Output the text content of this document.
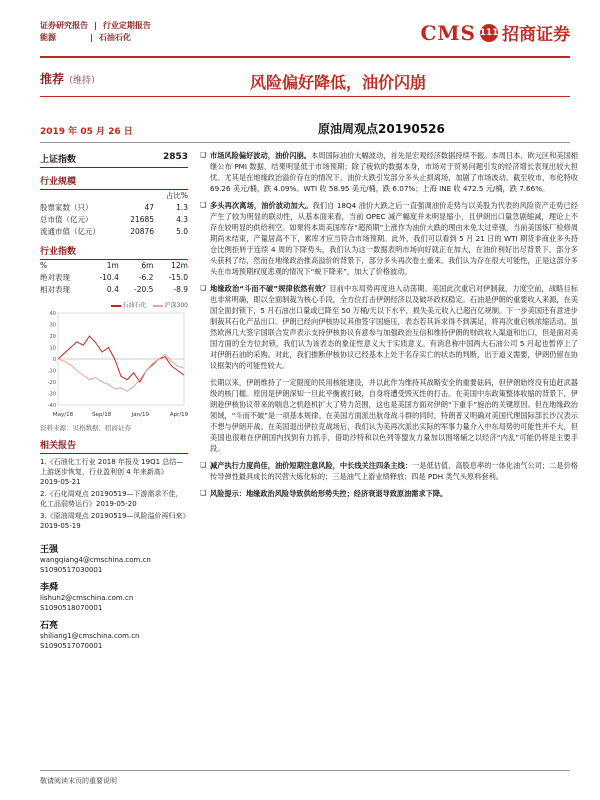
证券研究报告 | 行业定期报告
能源	| 石油石化	CMS 111 招商证券
推荐（维持）	风险偏好降低，油价闪崩
2019 年 05 月 26 日	原油周观点20190526
上证指数	2853
行业规模
		占比%
股票家数（只）	47	1.3
总市值（亿元）	21685	4.3
流通市值（亿元）	20876	5.0
行业指数
%	1m	6m	12m
绝对表现	-10.4	-6.2	-15.0
相对表现	0.4	-20.5	-8.9
石油石化	沪深300
40
30
20
10
0
-10
-20
-30
-40
May/18	Sep/18	Jan/19	Apr/19
资料来源：贝格数据、招商证券
相关报告

1.《石油化工行业 2018 年报及 19Q1 总结—上游逐步恢复，行业盈利创 4 年来新高》2019-05-21

2.《石化周观点 20190519—下游需求不佳，化工品弱势运行》2019-05-20

3.《原油周观点 20190519—风险溢价再归来》2019-05-19

王强
wangqiang4@cmschina.com.cn
S1090517030001
李舜
lishun2@cmschina.com.cn
S1090518070001
石亮
shiliang1@cmschina.com.cn
S1090517070001
❑ 市场风险偏好波动，油价闪崩。本周国际油价大幅波动，首先是宏观经济数据持续不振。本周日本、欧元区和美国相继公布 PMI 数据，结果明显低于市场预期；除了疲软的数据本身，市场对于贸易问题引发的经济增长表现出较大担忧。尤其是在地缘政治溢价存在的情况下，油价大跌引发部分多头止损离场，加剧了市场波动。截至收市，布伦特收 69.26 美元/桶，跌 4.09%。WTI 收 58.95 美元/桶，跌 6.07%；上海 INE 收 472.5 元/桶，跌 7.66%。
❑ 多头再次离场，油价波动加大。我们自 18Q4 油价大跌之后一直强调油价走势与以美股为代表的风险资产走势已经产生了较为明显的联动性，从基本面来看，当前 OPEC 减产幅度并未明显缩小，且伊朗出口量急剧缩减，理论上不存在较明显的供给利空。如果将本周美国库存“超预期”上涨作为油价大跌的理由未免太过牵强，当前美国炼厂检修周期尚未结束，产量居高不下，累库才应当符合市场预期。此外，我们可以看到 5 月 21 日的 WTI 期货非商业多头持仓比例拒转于连续 4 周的下降势头，我们认为这一数据表明市场向好就正在加大，在油价利好出尽背景下，部分多头获利了结，然而在地缘政治推高溢价的背景下，部分多头再次卷土重来。我们认为存在很大可能性，正是这部分多头在市场预期权度悲观的情况下“蜕下降来”，加大了价格波动。
❑ 地缘政治“斗而不破”规律依然有效？目前中东局势再度进入动荡期。美国此次重启对伊制裁，力度空前，战略目标也非常明确，即以全面制裁为核心手段，全方位打击伊朗经济以及破坏政权稳定。石油是伊朗的重要收入来源，在美国全面封锁下，5 月石油出口量或已降至 50 万桶/天以下水平，损失美元收入已超百亿规制。下一步美国还有意进步制裁其石化产品出口。伊朗已经向伊核协议其他签字国施压，表态若其诉求得不到满足，将再次重启核浓缩活动。虽然欧洲几大签字国联合发声表示支持伊核协议有意参与加强政治互信和维持伊朗的财政收入渠道和出口，但是面对美国方面的全方位封锁，我们认为该表态的象征性意义大于实质意义。有消息称中国两大石油公司 5 月起也暂停上了对伊朗石油的采购。对此，我们推断伊核协议已经基本上处于名存实亡的状态的判断，出于道义需要，伊朗仍留在协议框架内的可能性较大。
长期以来，伊朗维持了一定限度的民用核能建设，并以此作为维持其战略安全的重要砝码，但伊朗始终没有追赶武器级的核门槛。原因是伊朗深知一旦此平衡被打破，自身将遭受毁灭性的打击。在美国中东政策整体收缩的背景下，伊朗趁伊核协议带来的喘息之机趁机扩大了势力范围，这也是美国方面对伊朗“下重手”施治的关键原因。但在地缘政治领域，“斗而不破”是一项基本规律。在美国方面派出航母战斗群的同时，特朗普又明确对美国代理国际部长沙汉表示不想与伊朗开战。在美国退出伊拉克战场后，我们认为美再次派出实际的军事力量介入中东局势的可能性并不大，但美国也很难在伊朗国内找到有力抓手，借助沙特和以色列等盟友力量加以围堵辅之以经济“内乱”可能仍将是主要手段。
❑ 减产执行力度尚佳，油价短期注意风险，中长线关注四条主线：一是低估值、高股息率的一体化油气公司；二是价格传导弹性最具成长的民营大炼化标的；三是油气上游业绩释放；四是 PDH 类气头原料套利。
❑ 风险提示：地缘政治风险导致供给形势失控；经济衰退导致原油需求下降。
敬请阅读末页的重要说明
